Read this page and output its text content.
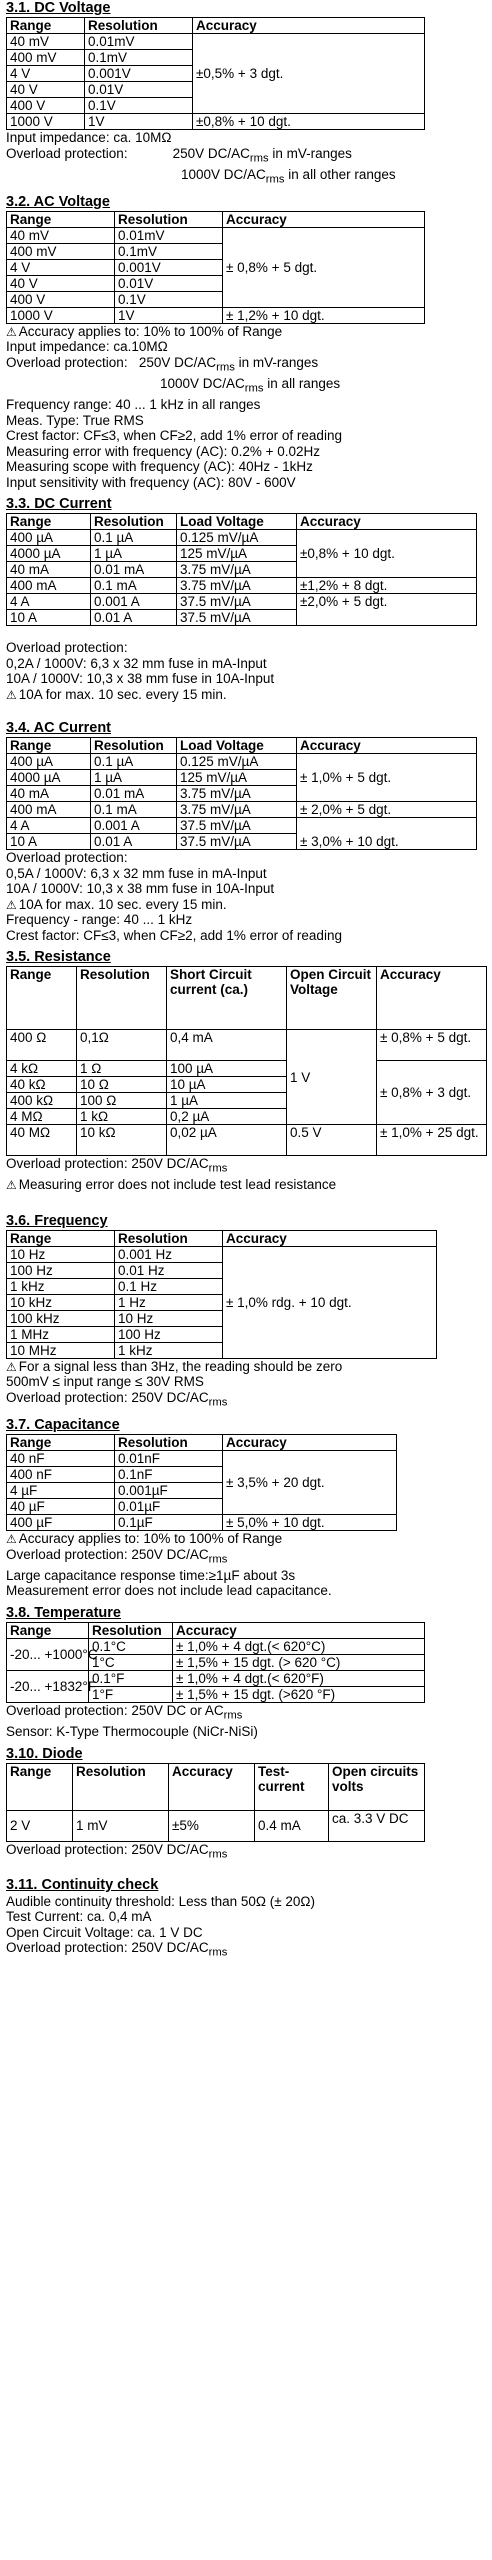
3.1. DC Voltage
Range	Resolution	Accuracy
40 mV	0.01mV	±0,5% + 3 dgt.
400 mV	0.1mV	
4 V	0.001V	
40 V	0.01V	
400 V	0.1V	
1000 V	1V	±0,8% + 10 dgt.
Input impedance: ca. 10MΩ
Overload protection:            250V $DC/AC_{rms}$ in mV-ranges
1000V $DC/AC_{rms}$ in all other ranges
3.2. AC Voltage
Range	Resolution	Accuracy
40 mV	0.01mV	± 0,8% + 5 dgt.
400 mV	0.1mV	
4 V	0.001V	
40 V	0.01V	
400 V	0.1V	
1000 V	1V	± 1,2% + 10 dgt.
⚠ Accuracy applies to: 10% to 100% of Range
Input impedance: ca.10MΩ
Overload protection:   250V $DC/AC_{rms}$ in mV-ranges
1000V $DC/AC_{rms}$ in all ranges
Frequency range: 40 ... 1 kHz in all ranges
Meas. Type: True RMS
Crest factor: CF≤3, when CF≥2, add 1% error of reading
Measuring error with frequency (AC): 0.2% + 0.02Hz
Measuring scope with frequency (AC): 40Hz - 1kHz
Input sensitivity with frequency (AC): 80V - 600V
3.3. DC Current
Range	Resolution	Load Voltage	Accuracy
400 µA	0.1 µA	0.125 mV/µA	±0,8% + 10 dgt.
4000 µA	1 µA	125 mV/µA	
40 mA	0.01 mA	3.75 mV/µA	
400 mA	0.1 mA	3.75 mV/µA	±1,2% + 8 dgt.
4 A	0.001 A	37.5 mV/µA	±2,0% + 5 dgt.
10 A	0.01 A	37.5 mV/µA	
Overload protection:
0,2A / 1000V: 6,3 x 32 mm fuse in mA-Input
10A / 1000V: 10,3 x 38 mm fuse in 10A-Input
⚠ 10A for max. 10 sec. every 15 min.
3.4. AC Current
Range	Resolution	Load Voltage	Accuracy
400 µA	0.1 µA	0.125 mV/µA	± 1,0% + 5 dgt.
4000 µA	1 µA	125 mV/µA	
40 mA	0.01 mA	3.75 mV/µA	
400 mA	0.1 mA	3.75 mV/µA	± 2,0% + 5 dgt.
4 A	0.001 A	37.5 mV/µA	± 3,0% + 10 dgt.
10 A	0.01 A	37.5 mV/µA	
Overload protection:
0,5A / 1000V: 6,3 x 32 mm fuse in mA-Input
10A / 1000V: 10,3 x 38 mm fuse in 10A-Input
⚠ 10A for max. 10 sec. every 15 min.
Frequency - range: 40 ... 1 kHz
Crest factor: CF≤3, when CF≥2, add 1% error of reading
3.5. Resistance
Range	Resolution	Short Circuit current (ca.)	Open Circuit Voltage	Accuracy
400 Ω	0,1Ω	0,4 mA	1 V	± 0,8% + 5 dgt.
4 kΩ	1 Ω	100 µA		± 0,8% + 3 dgt.
40 kΩ	10 Ω	10 µA		
400 kΩ	100 Ω	1 µA		
4 MΩ	1 kΩ	0,2 µA		
40 MΩ	10 kΩ	0,02 µA	0.5 V	± 1,0% + 25 dgt.
Overload protection: 250V $DC/AC_{rms}$
⚠ Measuring error does not include test lead resistance
3.6. Frequency
Range	Resolution	Accuracy
10 Hz	0.001 Hz	± 1,0% rdg. + 10 dgt.
100 Hz	0.01 Hz	
1 kHz	0.1 Hz	
10 kHz	1 Hz	
100 kHz	10 Hz	
1 MHz	100 Hz	
10 MHz	1 kHz	
⚠ For a signal less than 3Hz, the reading should be zero
500mV ≤ input range ≤ 30V RMS
Overload protection: 250V $DC/AC_{rms}$
3.7. Capacitance
Range	Resolution	Accuracy
40 nF	0.01nF	± 3,5% + 20 dgt.
400 nF	0.1nF	
4 µF	0.001µF	
40 µF	0.01µF	
400 µF	0.1µF	± 5,0% + 10 dgt.
⚠ Accuracy applies to: 10% to 100% of Range
Overload protection: 250V $DC/AC_{rms}$
Large capacitance response time:≥1µF about 3s
Measurement error does not include lead capacitance.
3.8. Temperature
Range	Resolution	Accuracy
-20... +1000°C	0.1°C	± 1,0% + 4 dgt.(< 620°C)
	1°C	± 1,5% + 15 dgt. (> 620 °C)
-20... +1832°F	0.1°F	± 1,0% + 4 dgt.(< 620°F)
	1°F	± 1,5% + 15 dgt. (>620 °F)
Overload protection: 250V DC or $AC_{rms}$
Sensor: K-Type Thermocouple (NiCr-NiSi)
3.10. Diode
Range	Resolution	Accuracy	Test-current	Open circuits volts
2 V	1 mV	±5%	0.4 mA	ca. 3.3 V DC
Overload protection: 250V $DC/AC_{rms}$
3.11. Continuity check
Audible continuity threshold: Less than 50Ω (± 20Ω)
Test Current: ca. 0,4 mA
Open Circuit Voltage: ca. 1 V DC
Overload protection: 250V $DC/AC_{rms}$
